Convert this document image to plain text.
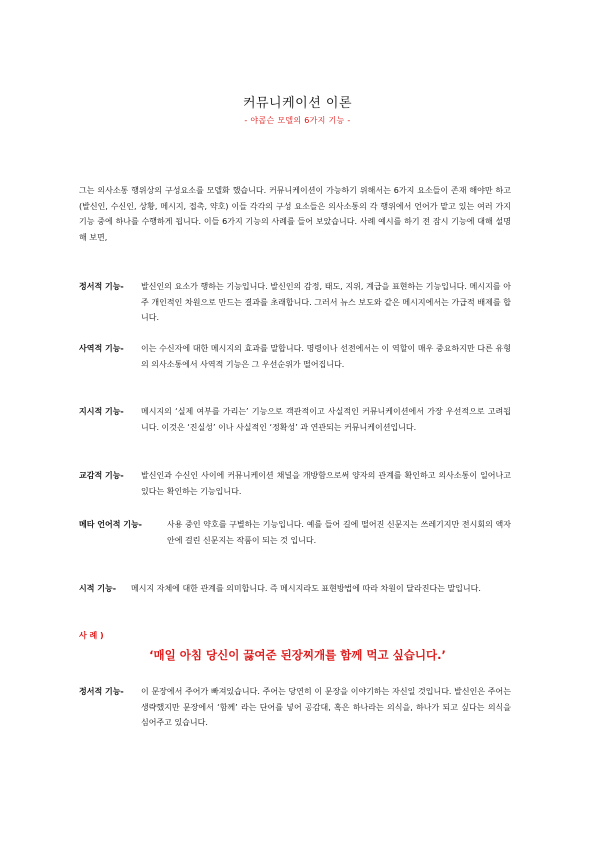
커뮤니케이션 이론
- 야콥슨 모델의 6가지 기능 -
그는 의사소통 행위상의 구성요소를 모델화 했습니다. 커뮤니케이션이 가능하기 위해서는 6가지 요소들이 존재 해야만 하고(발신인, 수신인, 상황, 메시지, 접촉, 약호) 이들 각각의 구성 요소들은 의사소통의 각 행위에서 언어가 맡고 있는 여러 가지 기능 중에 하나를 수행하게 됩니다. 이들 6가지 기능의 사례를 들어 보았습니다. 사례 예시를 하기 전 잠시 기능에 대해 설명해 보면,
정서적 기능- 발신인의 요소가 행하는 기능입니다. 발신인의 감정, 태도, 지위, 계급을 표현하는 기능입니다. 메시지를 아주 개인적인 차원으로 만드는 결과를 초래합니다. 그러서 뉴스 보도와 같은 메시지에서는 가급적 배제를 합니다.
사역적 기능- 이는 수신자에 대한 메시지의 효과를 말합니다. 명령이나 선전에서는 이 역할이 매우 중요하지만 다른 유형의 의사소통에서 사역적 기능은 그 우선순위가 떨어집니다.
지시적 기능- 메시지의 ‘실제 여부를 가리는’ 기능으로 객관적이고 사실적인 커뮤니케이션에서 가장 우선적으로 고려됩니다. 이것은 ‘진실성’ 이나 사실적인 ‘정확성’ 과 연관되는 커뮤니케이션입니다.
교감적 기능- 발신인과 수신인 사이에 커뮤니케이션 채널을 개방함으로써 양자의 관계를 확인하고 의사소통이 일어나고 있다는 확인하는 기능입니다.
메타 언어적 기능-	사용 중인 약호를 구별하는 기능입니다. 예를 들어 길에 떨어진 신문지는 쓰레기지만 전시회의 액자 안에 걸린 신문지는 작품이 되는 것 입니다.
시적 기능- 메시지 자체에 대한 관계를 의미합니다. 즉 메시지라도 표현방법에 따라 차원이 달라진다는 말입니다.
사 례 )
‘매일 아침 당신이 끓여준 된장찌개를 함께 먹고 싶습니다.’
정서적 기능- 이 문장에서 주어가 빠져있습니다. 주어는 당연히 이 문장을 이야기하는 자신일 것입니다. 발신인은 주어는 생략했지만 문장에서 ‘함께’ 라는 단어를 넣어 공감대, 혹은 하나라는 의식을, 하나가 되고 싶다는 의식을 심어주고 있습니다.
